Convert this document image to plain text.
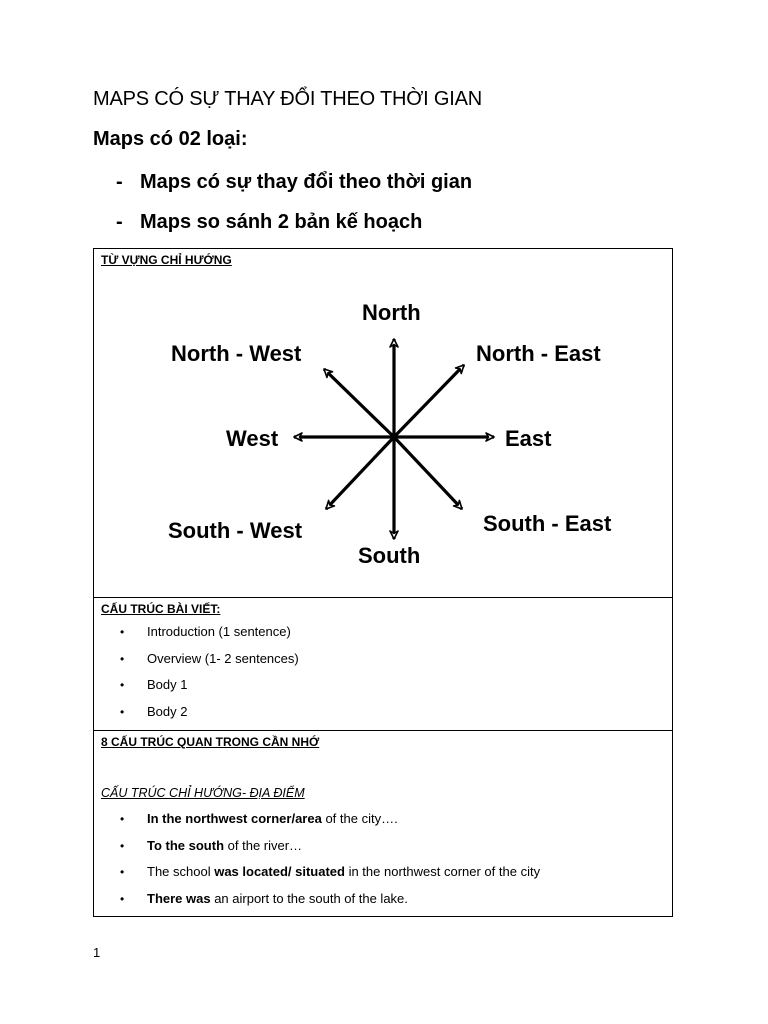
MAPS CÓ SỰ THAY ĐỔI THEO THỜI GIAN
Maps có 02 loại:
- Maps có sự thay đổi theo thời gian
- Maps so sánh 2 bản kế hoạch
TỪ VỰNG CHỈ HƯỚNG
North
North - East
East
South - East
South
South - West
West
North - West
CẤU TRÚC BÀI VIẾT:
• Introduction (1 sentence)
• Overview (1- 2 sentences)
• Body 1
• Body 2
8 CẤU TRÚC QUAN TRONG CẦN NHỚ
CẤU TRÚC CHỈ HƯỚNG- ĐỊA ĐIỂM
• In the northwest corner/area of the city….
• To the south of the river…
• The school was located/ situated in the northwest corner of the city
• There was an airport to the south of the lake.
1
